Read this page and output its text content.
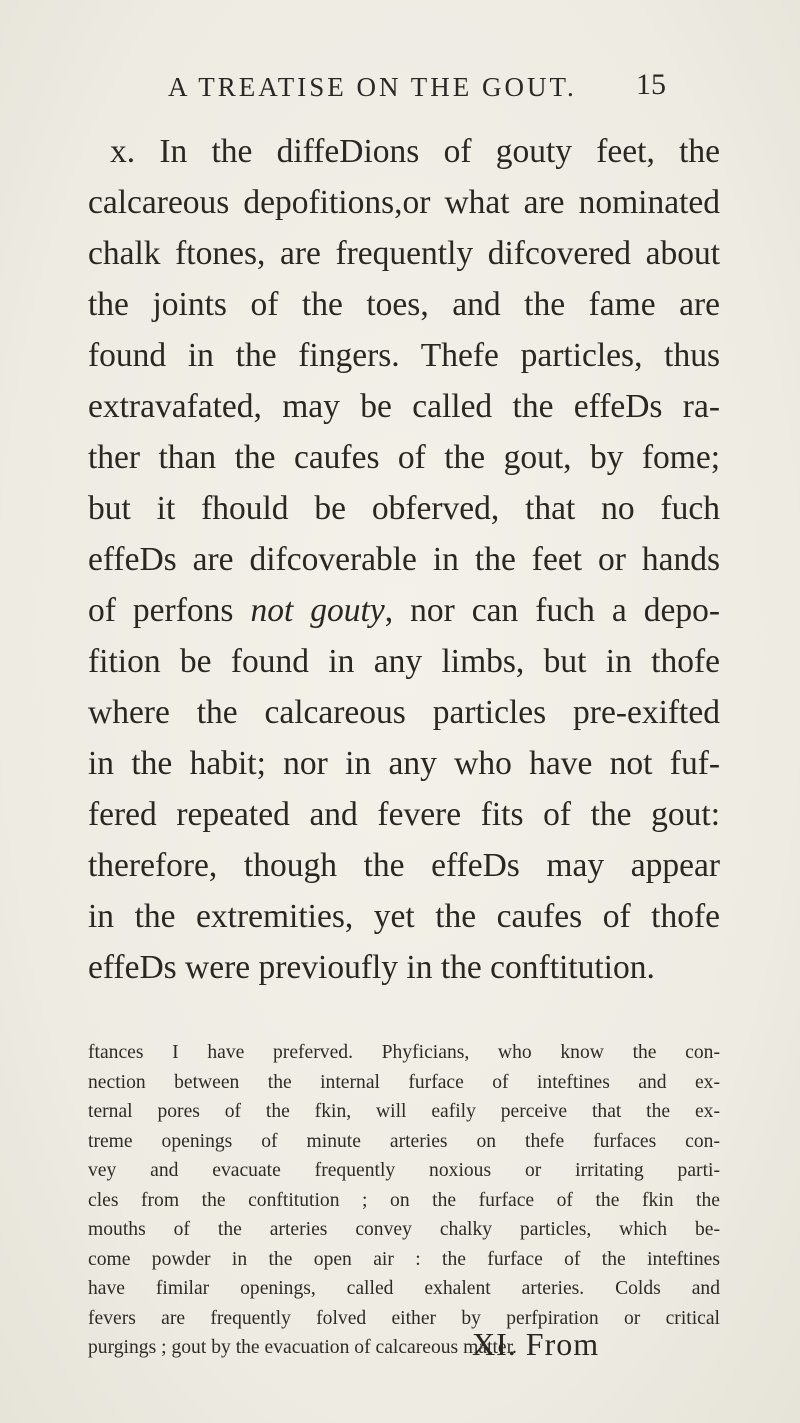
A TREATISE ON THE GOUT.	15
x. In the diffeDions of gouty feet, the
calcareous depofitions,or what are nominated
chalk ftones, are frequently difcovered about
the joints of the toes, and the fame are
found in the fingers. Thefe particles, thus
extravafated, may be called the effeDs ra-
ther than the caufes of the gout, by fome;
but it fhould be obferved, that no fuch
effeDs are difcoverable in the feet or hands
of perfons not gouty, nor can fuch a depo-
fition be found in any limbs, but in thofe
where the calcareous particles pre-exifted
in the habit; nor in any who have not fuf-
fered repeated and fevere fits of the gout:
therefore, though the effeDs may appear
in the extremities, yet the caufes of thofe
effeDs were previoufly in the conftitution.
ftances I have preferved. Phyficians, who know the con-
nection between the internal furface of inteftines and ex-
ternal pores of the fkin, will eafily perceive that the ex-
treme openings of minute arteries on thefe furfaces con-
vey and evacuate frequently noxious or irritating parti-
cles from the conftitution ; on the furface of the fkin the
mouths of the arteries convey chalky particles, which be-
come powder in the open air : the furface of the inteftines
have fimilar openings, called exhalent arteries. Colds and
fevers are frequently folved either by perfpiration or critical
purgings ; gout by the evacuation of calcareous matter.
XI. From
